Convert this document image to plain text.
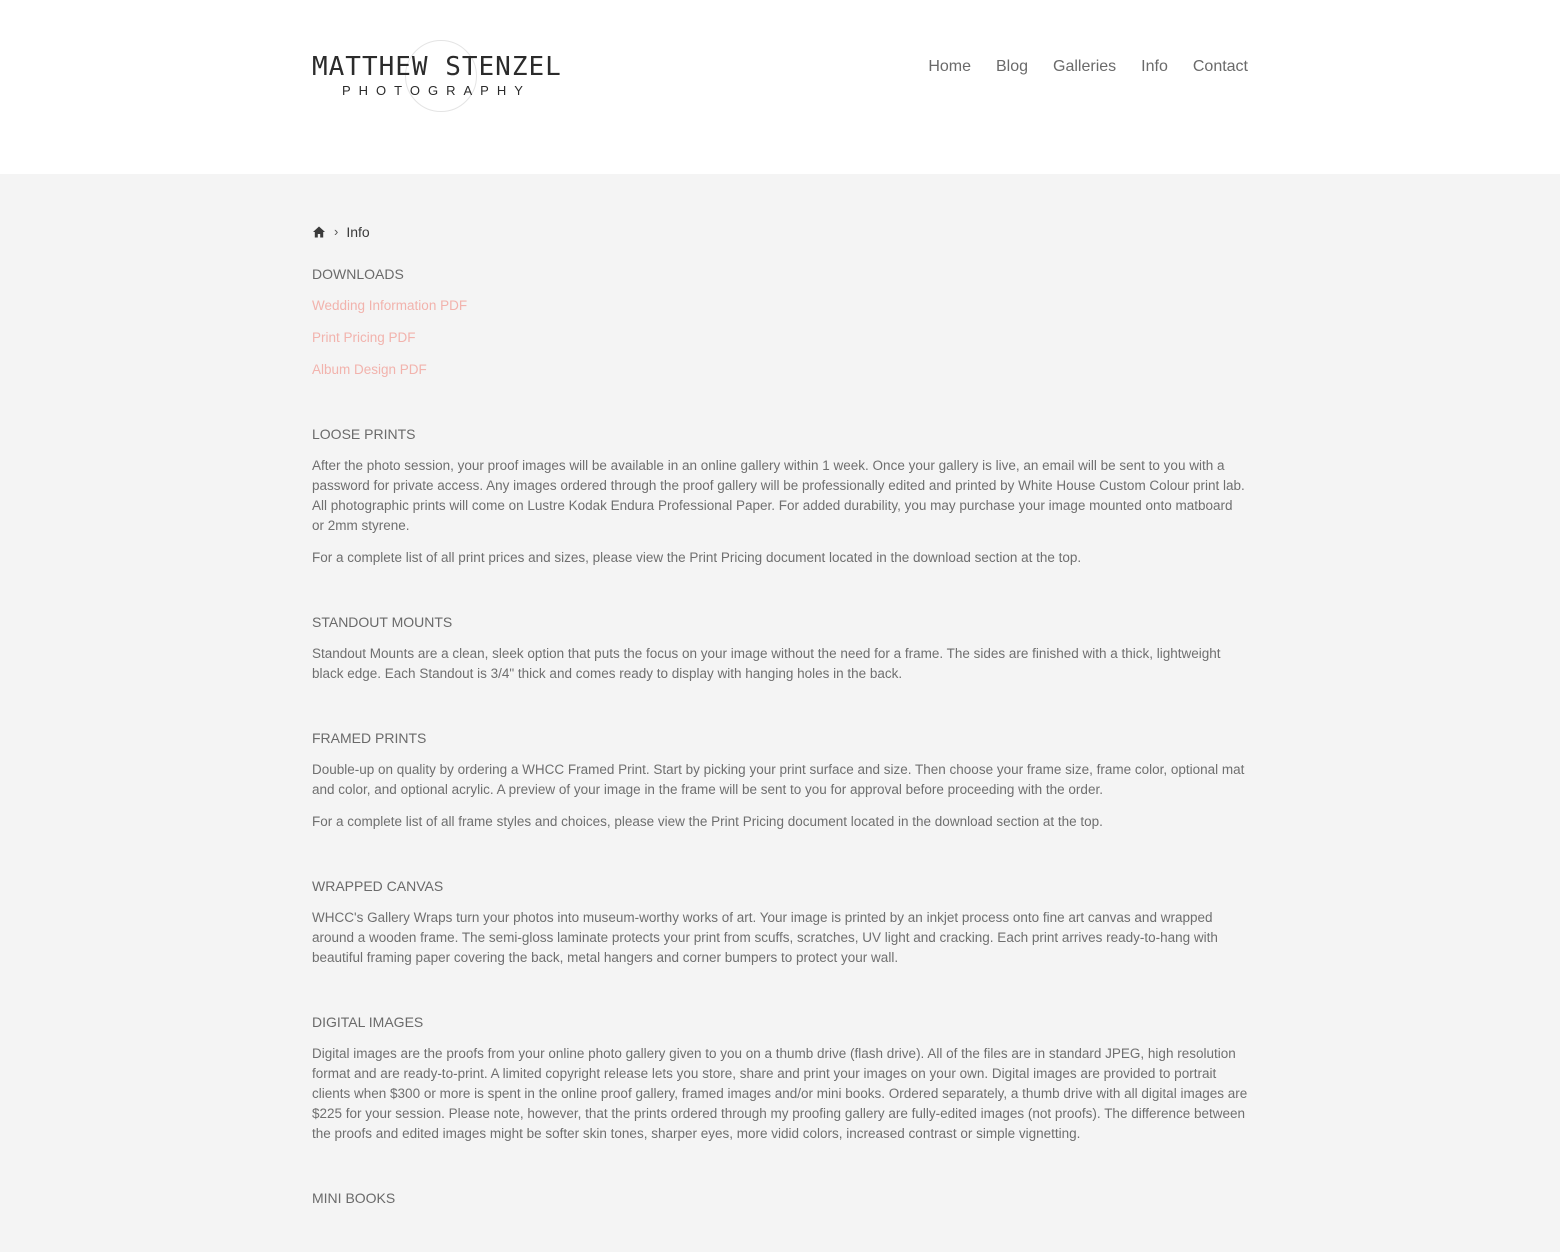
MATTHEW STENZEL
PHOTOGRAPHY
Home Blog Galleries Info Contact
› Info
DOWNLOADS
Wedding Information PDF
Print Pricing PDF
Album Design PDF
LOOSE PRINTS

After the photo session, your proof images will be available in an online gallery within 1 week. Once your gallery is live, an email will be sent to you with a password for private access. Any images ordered through the proof gallery will be professionally edited and printed by White House Custom Colour print lab. All photographic prints will come on Lustre Kodak Endura Professional Paper. For added durability, you may purchase your image mounted onto matboard or 2mm styrene.

For a complete list of all print prices and sizes, please view the Print Pricing document located in the download section at the top.

STANDOUT MOUNTS

Standout Mounts are a clean, sleek option that puts the focus on your image without the need for a frame. The sides are finished with a thick, lightweight black edge. Each Standout is 3/4" thick and comes ready to display with hanging holes in the back.

FRAMED PRINTS

Double-up on quality by ordering a WHCC Framed Print. Start by picking your print surface and size. Then choose your frame size, frame color, optional mat and color, and optional acrylic. A preview of your image in the frame will be sent to you for approval before proceeding with the order.

For a complete list of all frame styles and choices, please view the Print Pricing document located in the download section at the top.

WRAPPED CANVAS

WHCC's Gallery Wraps turn your photos into museum-worthy works of art. Your image is printed by an inkjet process onto fine art canvas and wrapped around a wooden frame. The semi-gloss laminate protects your print from scuffs, scratches, UV light and cracking. Each print arrives ready-to-hang with beautiful framing paper covering the back, metal hangers and corner bumpers to protect your wall.

DIGITAL IMAGES

Digital images are the proofs from your online photo gallery given to you on a thumb drive (flash drive). All of the files are in standard JPEG, high resolution format and are ready-to-print. A limited copyright release lets you store, share and print your images on your own. Digital images are provided to portrait clients when $300 or more is spent in the online proof gallery, framed images and/or mini books. Ordered separately, a thumb drive with all digital images are $225 for your session. Please note, however, that the prints ordered through my proofing gallery are fully-edited images (not proofs). The difference between the proofs and edited images might be softer skin tones, sharper eyes, more vidid colors, increased contrast or simple vignetting.

MINI BOOKS
